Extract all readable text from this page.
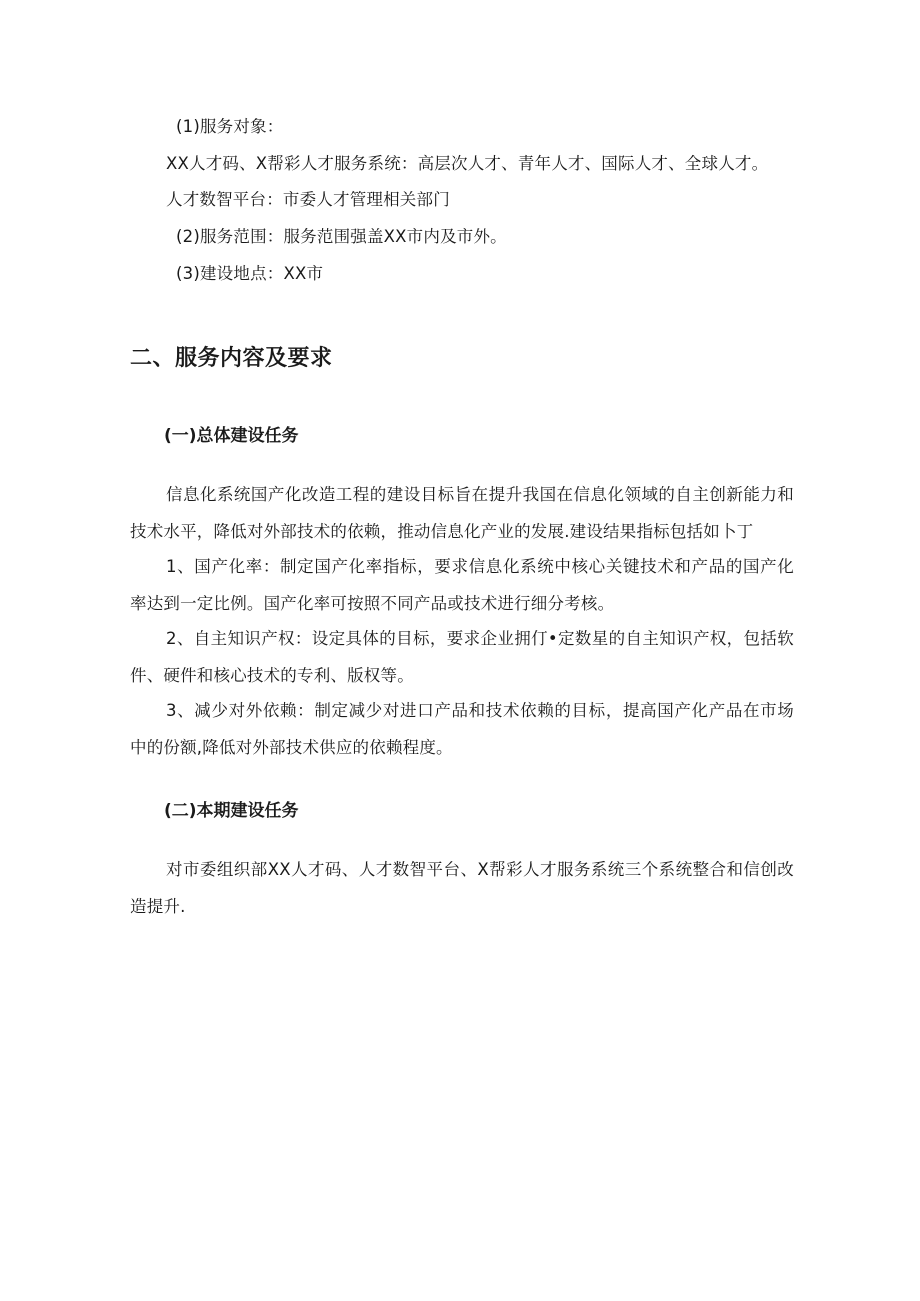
(1)服务对象：
XX人才码、X帮彩人才服务系统：高层次人才、青年人才、国际人才、全球人才。
人才数智平台：市委人才管理相关部门
(2)服务范围：服务范围强盖XX市内及市外。
(3)建设地点：XX市
二、服务内容及要求
(一)总体建设任务
信息化系统国产化改造工程的建设目标旨在提升我国在信息化领域的自主创新能力和技术水平，降低对外部技术的依赖，推动信息化产业的发展.建设结果指标包括如卜丁
1、国产化率：制定国产化率指标，要求信息化系统中核心关键技术和产品的国产化率达到一定比例。国产化率可按照不同产品或技术进行细分考核。
2、自主知识产权：设定具体的目标，要求企业拥仃•定数星的自主知识产权，包括软件、硬件和核心技术的专利、版权等。
3、减少对外依赖：制定减少对进口产品和技术依赖的目标，提高国产化产品在市场中的份额,降低对外部技术供应的依赖程度。
(二)本期建设任务
对市委组织部XX人才码、人才数智平台、X帮彩人才服务系统三个系统整合和信创改造提升.
